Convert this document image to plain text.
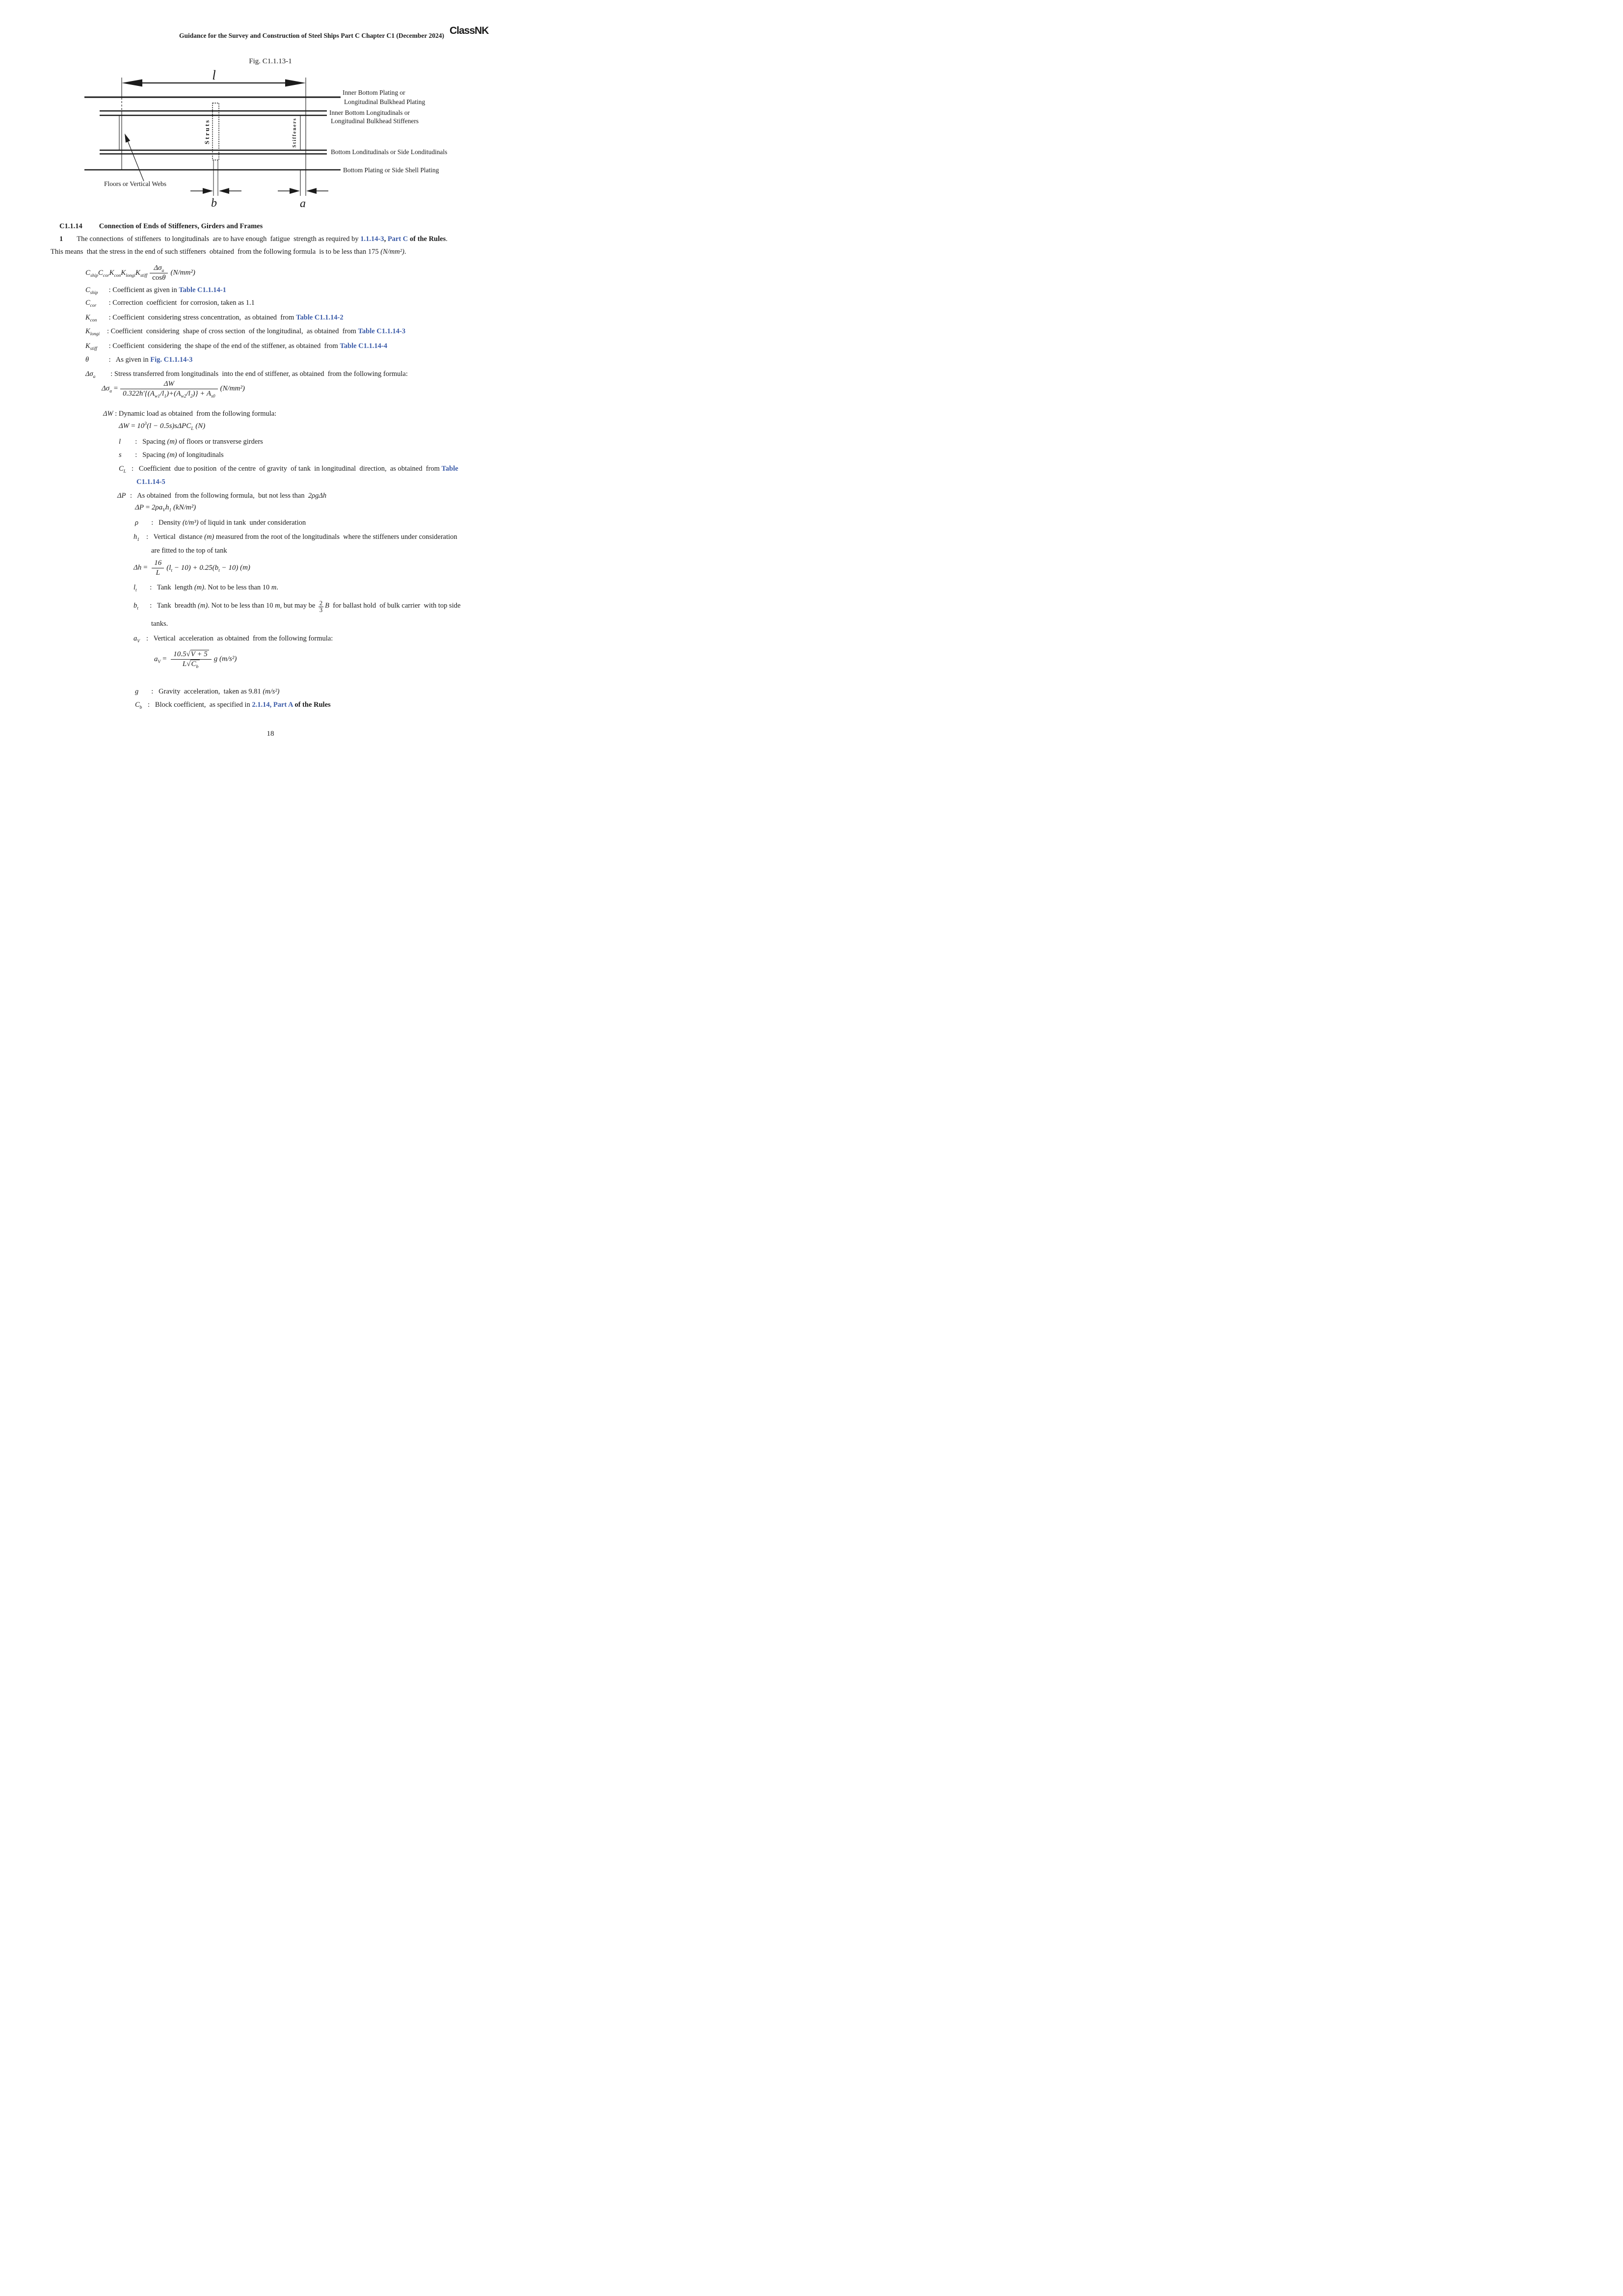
Guidance for the Survey and Construction of Steel Ships Part C Chapter C1 (December 2024) ClassNK
Fig. C1.1.13-1
l
Inner Bottom Plating or
Longitudinal Bulkhead Plating
Inner Bottom Longitudinals or
Longitudinal Bulkhead Stiffeners
Bottom Londitudinals or Side Londitudinals
Bottom Plating or Side Shell Plating
Floors or Vertical Webs
Struts	Stiffeners
b	a
C1.1.14 Connection of Ends of Stiffeners, Girders and Frames
1 The connections  of stiffeners  to longitudinals  are to have enough  fatigue  strength as required by 1.1.14-3, Part C of the Rules.
This means  that the stress in the end of such stiffeners  obtained  from the following formula  is to be less than 175 (N/mm²).
$C_{ship}C_{cor}K_{con}K_{longi}K_{stiff} \frac{\Delta\sigma_a}{\cos\theta} (N/mm^2)$
$C_{ship}$ : Coefficient as given in Table C1.1.14-1
$C_{cor}$ : Correction  coefficient  for corrosion, taken as 1.1
$K_{con}$ : Coefficient  considering stress concentration,  as obtained  from Table C1.1.14-2
$K_{longi}$ : Coefficient  considering  shape of cross section  of the longitudinal,  as obtained  from Table C1.1.14-3
$K_{stiff}$ : Coefficient  considering  the shape of the end of the stiffener, as obtained  from Table C1.1.14-4
θ	:   As given in Fig. C1.1.14-3
$\Delta\sigma_a$  : Stress transferred from longitudinals  into the end of stiffener, as obtained  from the following formula:
$\Delta\sigma_a = \frac{\Delta W}{0.322h'\{(A_{w1}/l_1)+(A_{w2}/l_2)\} + A_{s0}} (N/mm^2)$
ΔW : Dynamic load as obtained  from the following formula:
$\Delta W = 10^3(l - 0.5s)s\Delta PC_L$ (N)
l  :   Spacing (m) of floors or transverse girders
s  :   Spacing (m) of longitudinals
$C_L$ :   Coefficient  due to position  of the centre  of gravity  of tank  in longitudinal  direction,  as obtained  from Table
C1.1.14-5
ΔP :   As obtained  from the following formula,  but not less than  2ρgΔh
$\Delta P = 2\rho a_Vh_1$ (kN/m²)
ρ  :   Density (t/m³) of liquid in tank  under consideration
$h_1$ :   Vertical  distance (m) measured from the root of the longitudinals  where the stiffeners under consideration
are fitted to the top of tank
$\Delta h = \frac{16}{L} (l_t - 10) + 0.25(b_t - 10)$ (m)
$l_t$  :   Tank  length (m). Not to be less than 10 m.
$b_t$  :   Tank  breadth (m). Not to be less than 10 m, but may be $\frac{2}{3}$ B  for ballast hold  of bulk carrier  with top side
tanks.
$a_V$ :   Vertical  acceleration  as obtained  from the following formula:
$a_V = \frac{10.5√V + 5}{L√C_b}$ g (m/s²)
g  :   Gravity  acceleration,  taken as 9.81 (m/s²)
$C_b$ :   Block coefficient,  as specified in 2.1.14, Part A of the Rules
18
